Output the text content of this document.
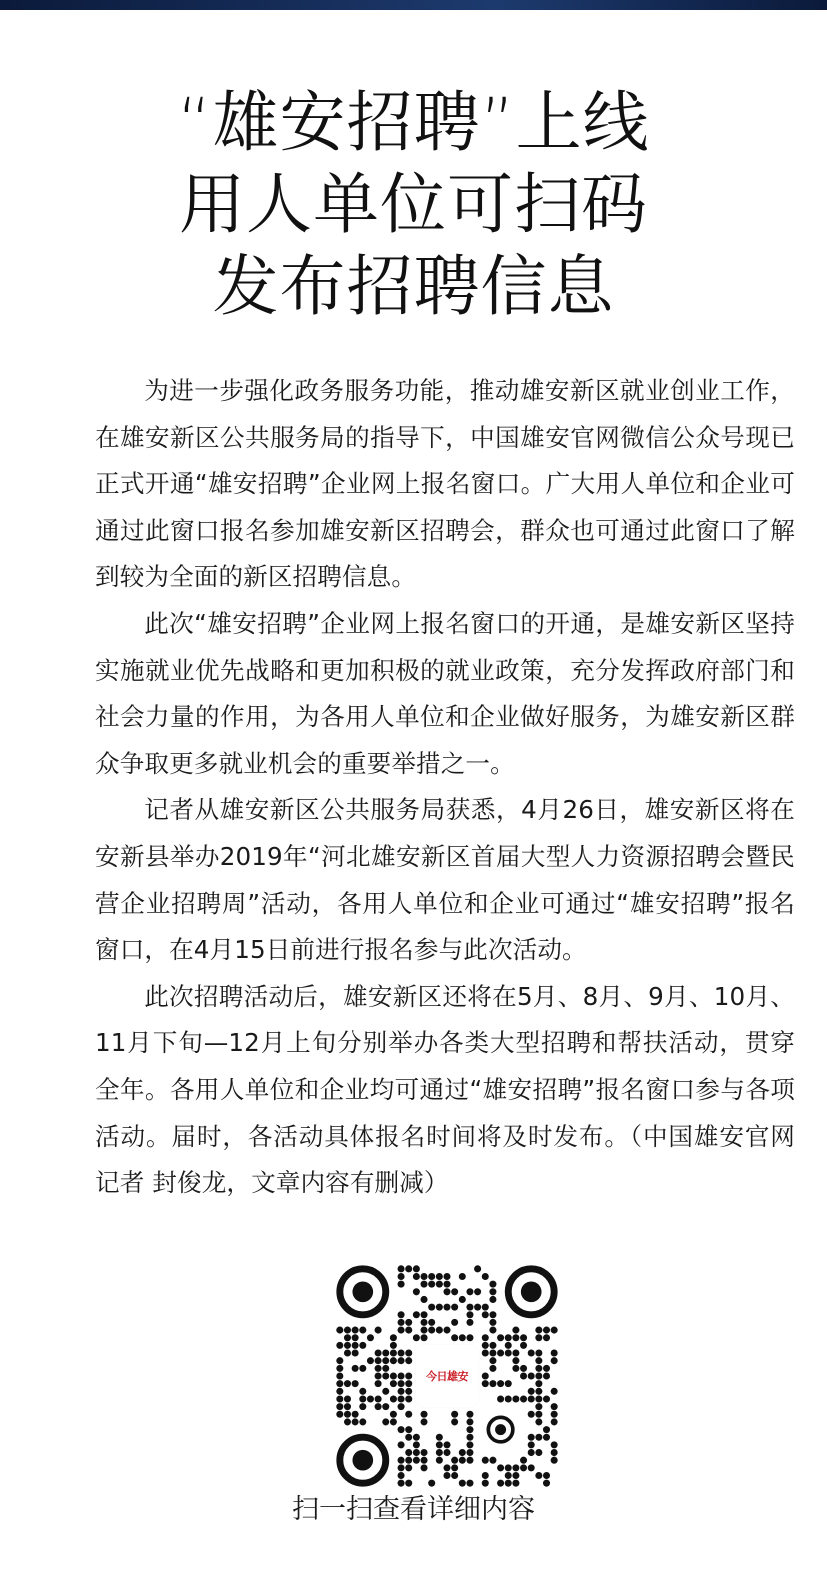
“雄安招聘”上线
用人单位可扫码
发布招聘信息

为进一步强化政务服务功能，推动雄安新区就业创业工作，在雄安新区公共服务局的指导下，中国雄安官网微信公众号现已正式开通“雄安招聘”企业网上报名窗口。广大用人单位和企业可通过此窗口报名参加雄安新区招聘会，群众也可通过此窗口了解到较为全面的新区招聘信息。

此次“雄安招聘”企业网上报名窗口的开通，是雄安新区坚持实施就业优先战略和更加积极的就业政策，充分发挥政府部门和社会力量的作用，为各用人单位和企业做好服务，为雄安新区群众争取更多就业机会的重要举措之一。

记者从雄安新区公共服务局获悉，4月26日，雄安新区将在安新县举办2019年“河北雄安新区首届大型人力资源招聘会暨民营企业招聘周”活动，各用人单位和企业可通过“雄安招聘”报名窗口，在4月15日前进行报名参与此次活动。

此次招聘活动后，雄安新区还将在5月、8月、9月、10月、11月下旬—12月上旬分别举办各类大型招聘和帮扶活动，贯穿全年。各用人单位和企业均可通过“雄安招聘”报名窗口参与各项活动。届时，各活动具体报名时间将及时发布。（中国雄安官网记者 封俊龙，文章内容有删减）

今日雄安
扫一扫查看详细内容
